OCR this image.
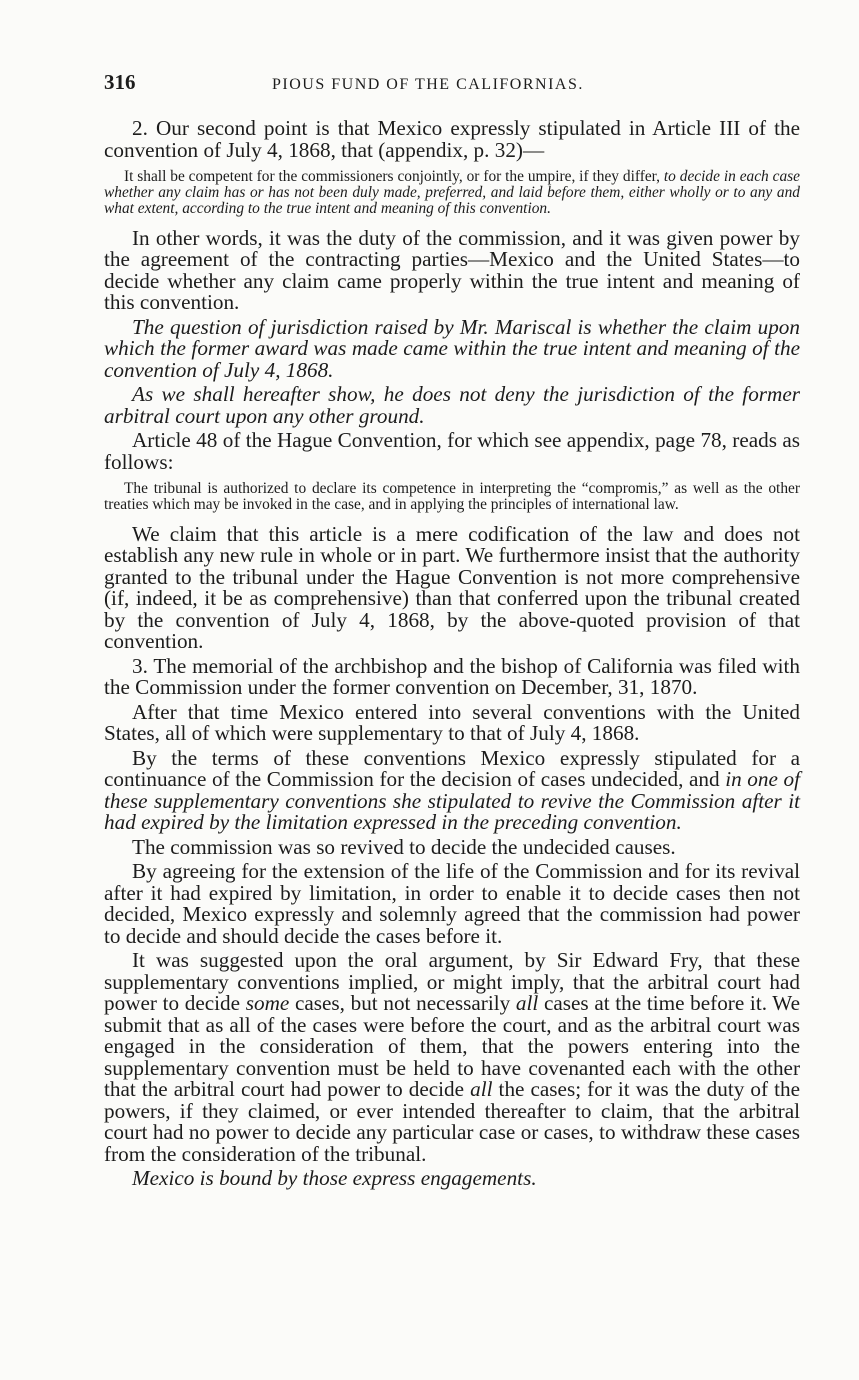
316	PIOUS FUND OF THE CALIFORNIAS.

2. Our second point is that Mexico expressly stipulated in Article III of the convention of July 4, 1868, that (appendix, p. 32)—

It shall be competent for the commissioners conjointly, or for the umpire, if they differ, to decide in each case whether any claim has or has not been duly made, preferred, and laid before them, either wholly or to any and what extent, according to the true intent and meaning of this convention.

In other words, it was the duty of the commission, and it was given power by the agreement of the contracting parties—Mexico and the United States—to decide whether any claim came properly within the true intent and meaning of this convention.

The question of jurisdiction raised by Mr. Mariscal is whether the claim upon which the former award was made came within the true intent and meaning of the convention of July 4, 1868.

As we shall hereafter show, he does not deny the jurisdiction of the former arbitral court upon any other ground.

Article 48 of the Hague Convention, for which see appendix, page 78, reads as follows:

The tribunal is authorized to declare its competence in interpreting the “compromis,” as well as the other treaties which may be invoked in the case, and in applying the principles of international law.

We claim that this article is a mere codification of the law and does not establish any new rule in whole or in part. We furthermore insist that the authority granted to the tribunal under the Hague Convention is not more comprehensive (if, indeed, it be as comprehensive) than that conferred upon the tribunal created by the convention of July 4, 1868, by the above-quoted provision of that convention.

3. The memorial of the archbishop and the bishop of California was filed with the Commission under the former convention on December, 31, 1870.

After that time Mexico entered into several conventions with the United States, all of which were supplementary to that of July 4, 1868.

By the terms of these conventions Mexico expressly stipulated for a continuance of the Commission for the decision of cases undecided, and in one of these supplementary conventions she stipulated to revive the Commission after it had expired by the limitation expressed in the preceding convention.

The commission was so revived to decide the undecided causes.

By agreeing for the extension of the life of the Commission and for its revival after it had expired by limitation, in order to enable it to decide cases then not decided, Mexico expressly and solemnly agreed that the commission had power to decide and should decide the cases before it.

It was suggested upon the oral argument, by Sir Edward Fry, that these supplementary conventions implied, or might imply, that the arbitral court had power to decide some cases, but not necessarily all cases at the time before it. We submit that as all of the cases were before the court, and as the arbitral court was engaged in the consideration of them, that the powers entering into the supplementary convention must be held to have covenanted each with the other that the arbitral court had power to decide all the cases; for it was the duty of the powers, if they claimed, or ever intended thereafter to claim, that the arbitral court had no power to decide any particular case or cases, to withdraw these cases from the consideration of the tribunal.

Mexico is bound by those express engagements.
